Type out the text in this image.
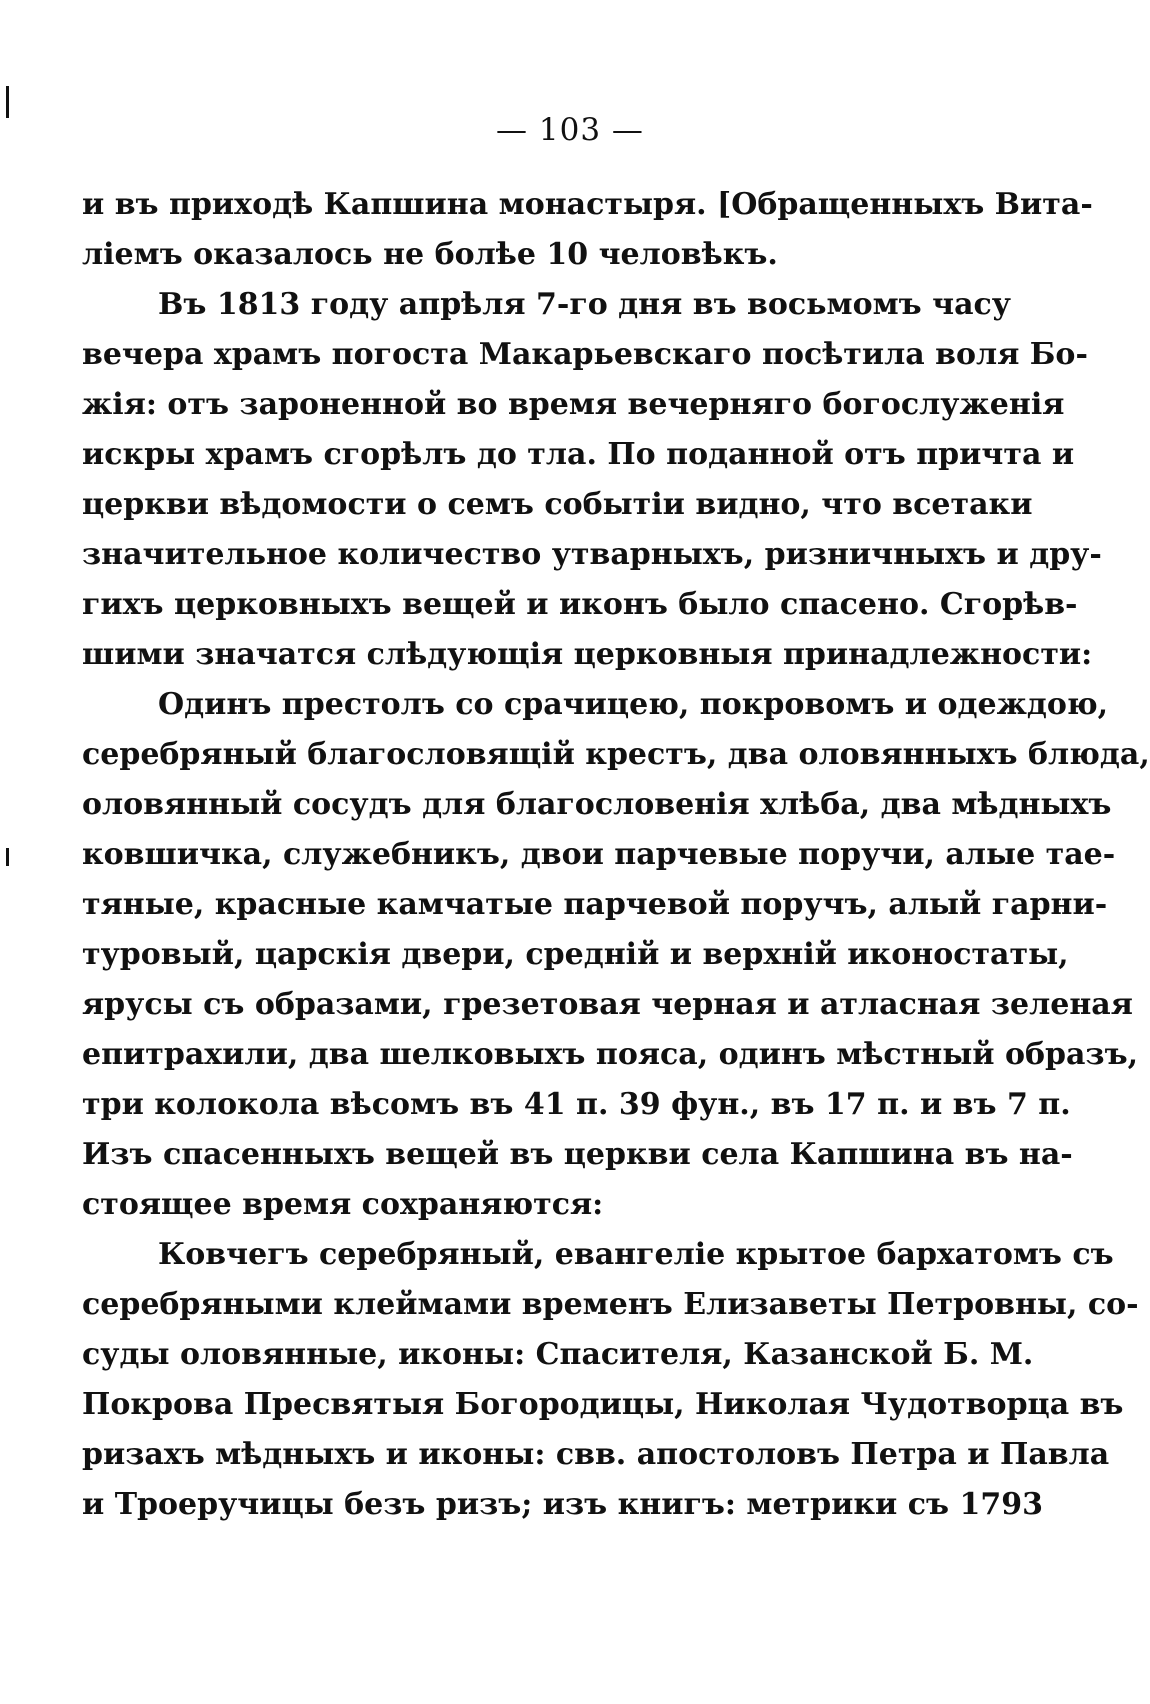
— 103 —
и въ приходѣ Капшина монастыря. [Обращенныхъ Вита-
ліемъ оказалось не болѣе 10 человѣкъ.
Въ 1813 году апрѣля 7-го дня въ восьмомъ часу
вечера храмъ погоста Макарьевскаго посѣтила воля Бо-
жія: отъ зароненной во время вечерняго богослуженія
искры храмъ сгорѣлъ до тла. По поданной отъ причта и
церкви вѣдомости о семъ событіи видно, что всетаки
значительное количество утварныхъ, ризничныхъ и дру-
гихъ церковныхъ вещей и иконъ было спасено. Сгорѣв-
шими значатся слѣдующія церковныя принадлежности:
Одинъ престолъ со срачицею, покровомъ и одеждою,
серебряный благословящій крестъ, два оловянныхъ блюда,
оловянный сосудъ для благословенія хлѣба, два мѣдныхъ
ковшичка, служебникъ, двои парчевые поручи, алые тае-
тяные, красные камчатые парчевой поручъ, алый гарни-
туровый, царскія двери, средній и верхній иконостаты,
ярусы съ образами, грезетовая черная и атласная зеленая
епитрахили, два шелковыхъ пояса, одинъ мѣстный образъ,
три колокола вѣсомъ въ 41 п. 39 фун., въ 17 п. и въ 7 п.
Изъ спасенныхъ вещей въ церкви села Капшина въ на-
стоящее время сохраняются:
Ковчегъ серебряный, евангеліе крытое бархатомъ съ
серебряными клеймами временъ Елизаветы Петровны, со-
суды оловянные, иконы: Спасителя, Казанской Б. М.
Покрова Пресвятыя Богородицы, Николая Чудотворца въ
ризахъ мѣдныхъ и иконы: свв. апостоловъ Петра и Павла
и Троеручицы безъ ризъ; изъ книгъ: метрики съ 1793
